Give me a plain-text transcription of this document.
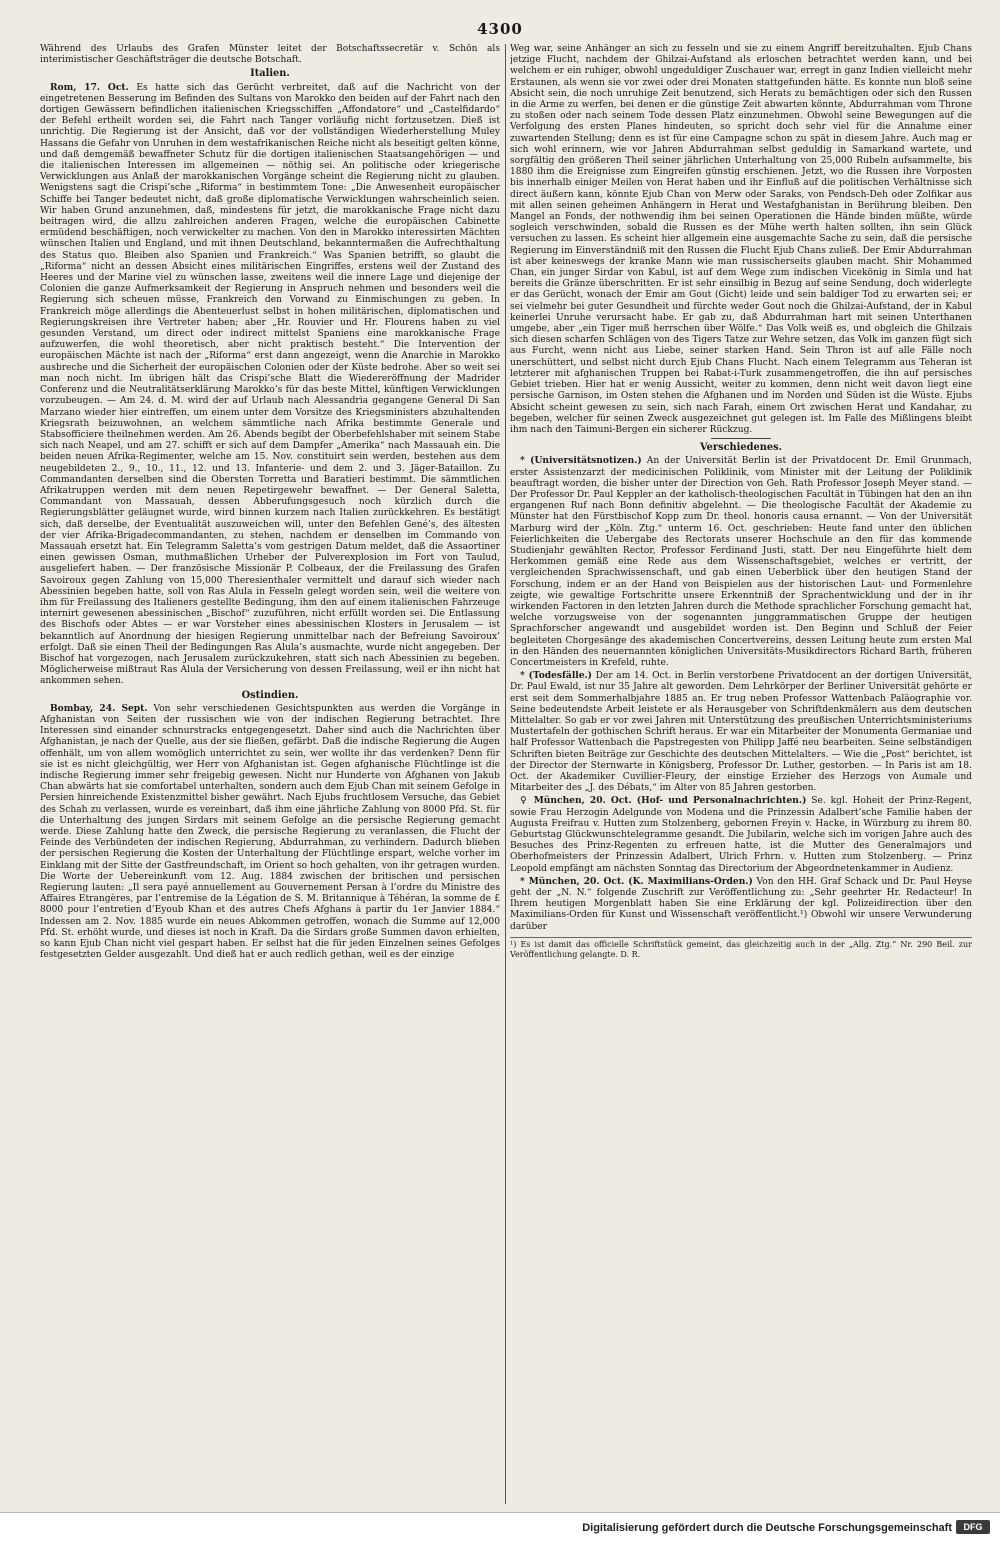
4300

Während des Urlaubs des Grafen Münster leitet der Botschaftssecretär v. Schön als interimistischer Geschäftsträger die deutsche Botschaft.

Italien.

Rom, 17. Oct. Es hatte sich das Gerücht verbreitet, daß auf die Nachricht von der eingetretenen Besserung im Befinden des Sultans von Marokko den beiden auf der Fahrt nach den dortigen Gewässern befindlichen italienischen Kriegsschiffen „Affondatore“ und „Castelfidardo“ der Befehl ertheilt worden sei, die Fahrt nach Tanger vorläufig nicht fortzusetzen. Dieß ist unrichtig. Die Regierung ist der Ansicht, daß vor der vollständigen Wiederherstellung Muley Hassans die Gefahr von Unruhen in dem westafrikanischen Reiche nicht als beseitigt gelten könne, und daß demgemäß bewaffneter Schutz für die dortigen italienischen Staatsangehörigen — und die italienischen Interessen im allgemeinen — nöthig sei. An politische oder kriegerische Verwicklungen aus Anlaß der marokkanischen Vorgänge scheint die Regierung nicht zu glauben. Wenigstens sagt die Crispi’sche „Riforma“ in bestimmtem Tone: „Die Anwesenheit europäischer Schiffe bei Tanger bedeutet nicht, daß große diplomatische Verwicklungen wahrscheinlich seien. Wir haben Grund anzunehmen, daß, mindestens für jetzt, die marokkanische Frage nicht dazu beitragen wird, die allzu zahlreichen anderen Fragen, welche die europäischen Cabinette ermüdend beschäftigen, noch verwickelter zu machen. Von den in Marokko interessirten Mächten wünschen Italien und England, und mit ihnen Deutschland, bekanntermaßen die Aufrechthaltung des Status quo. Bleiben also Spanien und Frankreich.“ Was Spanien betrifft, so glaubt die „Riforma“ nicht an dessen Absicht eines militärischen Eingriffes, erstens weil der Zustand des Heeres und der Marine viel zu wünschen lasse, zweitens weil die innere Lage und diejenige der Colonien die ganze Aufmerksamkeit der Regierung in Anspruch nehmen und besonders weil die Regierung sich scheuen müsse, Frankreich den Vorwand zu Einmischungen zu geben. In Frankreich möge allerdings die Abenteuerlust selbst in hohen militärischen, diplomatischen und Regierungskreisen ihre Vertreter haben; aber „Hr. Rouvier und Hr. Flourens haben zu viel gesunden Verstand, um direct oder indirect mittelst Spaniens eine marokkanische Frage aufzuwerfen, die wohl theoretisch, aber nicht praktisch besteht.“ Die Intervention der europäischen Mächte ist nach der „Riforma“ erst dann angezeigt, wenn die Anarchie in Marokko ausbreche und die Sicherheit der europäischen Colonien oder der Küste bedrohe. Aber so weit sei man noch nicht. Im übrigen hält das Crispi’sche Blatt die Wiedereröffnung der Madrider Conferenz und die Neutralitätserklärung Marokko’s für das beste Mittel, künftigen Verwicklungen vorzubeugen. — Am 24. d. M. wird der auf Urlaub nach Alessandria gegangene General Di San Marzano wieder hier eintreffen, um einem unter dem Vorsitze des Kriegsministers abzuhaltenden Kriegsrath beizuwohnen, an welchem sämmtliche nach Afrika bestimmte Generale und Stabsofficiere theilnehmen werden. Am 26. Abends begibt der Oberbefehlshaber mit seinem Stabe sich nach Neapel, und am 27. schifft er sich auf dem Dampfer „Amerika“ nach Massauah ein. Die beiden neuen Afrika-Regimenter, welche am 15. Nov. constituirt sein werden, bestehen aus dem neugebildeten 2., 9., 10., 11., 12. und 13. Infanterie- und dem 2. und 3. Jäger-Bataillon. Zu Commandanten derselben sind die Obersten Torretta und Baratieri bestimmt. Die sämmtlichen Afrikatruppen werden mit dem neuen Repetirgewehr bewaffnet. — Der General Saletta, Commandant von Massauah, dessen Abberufungsgesuch noch kürzlich durch die Regierungsblätter geläugnet wurde, wird binnen kurzem nach Italien zurückkehren. Es bestätigt sich, daß derselbe, der Eventualität auszuweichen will, unter den Befehlen Gené’s, des ältesten der vier Afrika-Brigadecommandanten, zu stehen, nachdem er denselben im Commando von Massauah ersetzt hat. Ein Telegramm Saletta’s vom gestrigen Datum meldet, daß die Assaortiner einen gewissen Osman, muthmaßlichen Urheber der Pulverexplosion im Fort von Taulud, ausgeliefert haben. — Der französische Missionär P. Colbeaux, der die Freilassung des Grafen Savoiroux gegen Zahlung von 15,000 Theresienthaler vermittelt und darauf sich wieder nach Abessinien begeben hatte, soll von Ras Alula in Fesseln gelegt worden sein, weil die weitere von ihm für Freilassung des Italieners gestellte Bedingung, ihm den auf einem italienischen Fahrzeuge internirt gewesenen abessinischen „Bischof“ zuzuführen, nicht erfüllt worden sei. Die Entlassung des Bischofs oder Abtes — er war Vorsteher eines abessinischen Klosters in Jerusalem — ist bekanntlich auf Anordnung der hiesigen Regierung unmittelbar nach der Befreiung Savoiroux’ erfolgt. Daß sie einen Theil der Bedingungen Ras Alula’s ausmachte, wurde nicht angegeben. Der Bischof hat vorgezogen, nach Jerusalem zurückzukehren, statt sich nach Abessinien zu begeben. Möglicherweise mißtraut Ras Alula der Versicherung von dessen Freilassung, weil er ihn nicht hat ankommen sehen.

Ostindien.

Bombay, 24. Sept. Von sehr verschiedenen Gesichtspunkten aus werden die Vorgänge in Afghanistan von Seiten der russischen wie von der indischen Regierung betrachtet. Ihre Interessen sind einander schnurstracks entgegengesetzt. Daher sind auch die Nachrichten über Afghanistan, je nach der Quelle, aus der sie fließen, gefärbt. Daß die indische Regierung die Augen offenhält, um von allem womöglich unterrichtet zu sein, wer wollte ihr das verdenken? Denn für sie ist es nicht gleichgültig, wer Herr von Afghanistan ist. Gegen afghanische Flüchtlinge ist die indische Regierung immer sehr freigebig gewesen. Nicht nur Hunderte von Afghanen von Jakub Chan abwärts hat sie comfortabel unterhalten, sondern auch dem Ejub Chan mit seinem Gefolge in Persien hinreichende Existenzmittel bisher gewährt. Nach Ejubs fruchtlosem Versuche, das Gebiet des Schah zu verlassen, wurde es vereinbart, daß ihm eine jährliche Zahlung von 8000 Pfd. St. für die Unterhaltung des jungen Sirdars mit seinem Gefolge an die persische Regierung gemacht werde. Diese Zahlung hatte den Zweck, die persische Regierung zu veranlassen, die Flucht der Feinde des Verbündeten der indischen Regierung, Abdurrahman, zu verhindern. Dadurch blieben der persischen Regierung die Kosten der Unterhaltung der Flüchtlinge erspart, welche vorher im Einklang mit der Sitte der Gastfreundschaft, im Orient so hoch gehalten, von ihr getragen wurden. Die Worte der Uebereinkunft vom 12. Aug. 1884 zwischen der britischen und persischen Regierung lauten: „Il sera payé annuellement au Gouvernement Persan à l’ordre du Ministre des Affaires Etrangères, par l’entremise de la Légation de S. M. Britannique à Téhéran, la somme de £ 8000 pour l’entretien d’Eyoub Khan et des autres Chefs Afghans à partir du 1er Janvier 1884.“ Indessen am 2. Nov. 1885 wurde ein neues Abkommen getroffen, wonach die Summe auf 12,000 Pfd. St. erhöht wurde, und dieses ist noch in Kraft. Da die Sirdars große Summen davon erhielten, so kann Ejub Chan nicht viel gespart haben. Er selbst hat die für jeden Einzelnen seines Gefolges festgesetzten Gelder ausgezahlt. Und dieß hat er auch redlich gethan, weil es der einzige

Weg war, seine Anhänger an sich zu fesseln und sie zu einem Angriff bereitzuhalten. Ejub Chans jetzige Flucht, nachdem der Ghilzai-Aufstand als erloschen betrachtet werden kann, und bei welchem er ein ruhiger, obwohl ungeduldiger Zuschauer war, erregt in ganz Indien vielleicht mehr Erstaunen, als wenn sie vor zwei oder drei Monaten stattgefunden hätte. Es konnte nun bloß seine Absicht sein, die noch unruhige Zeit benutzend, sich Herats zu bemächtigen oder sich den Russen in die Arme zu werfen, bei denen er die günstige Zeit abwarten könnte, Abdurrahman vom Throne zu stoßen oder nach seinem Tode dessen Platz einzunehmen. Obwohl seine Bewegungen auf die Verfolgung des ersten Planes hindeuten, so spricht doch sehr viel für die Annahme einer zuwartenden Stellung; denn es ist für eine Campagne schon zu spät in diesem Jahre. Auch mag er sich wohl erinnern, wie vor Jahren Abdurrahman selbst geduldig in Samarkand wartete, und sorgfältig den größeren Theil seiner jährlichen Unterhaltung von 25,000 Rubeln aufsammelte, bis 1880 ihm die Ereignisse zum Eingreifen günstig erschienen. Jetzt, wo die Russen ihre Vorposten bis innerhalb einiger Meilen von Herat haben und ihr Einfluß auf die politischen Verhältnisse sich direct äußern kann, könnte Ejub Chan von Merw oder Saraks, von Pendsch-Deh oder Zolfikar aus mit allen seinen geheimen Anhängern in Herat und Westafghanistan in Berührung bleiben. Den Mangel an Fonds, der nothwendig ihm bei seinen Operationen die Hände binden müßte, würde sogleich verschwinden, sobald die Russen es der Mühe werth halten sollten, ihn sein Glück versuchen zu lassen. Es scheint hier allgemein eine ausgemachte Sache zu sein, daß die persische Regierung im Einverständniß mit den Russen die Flucht Ejub Chans zuließ. Der Emir Abdurrahman ist aber keineswegs der kranke Mann wie man russischerseits glauben macht. Shir Mohammed Chan, ein junger Sirdar von Kabul, ist auf dem Wege zum indischen Vicekönig in Simla und hat bereits die Gränze überschritten. Er ist sehr einsilbig in Bezug auf seine Sendung, doch widerlegte er das Gerücht, wonach der Emir am Gout (Gicht) leide und sein baldiger Tod zu erwarten sei; er sei vielmehr bei guter Gesundheit und fürchte weder Gout noch die Ghilzai-Aufstand, der in Kabul keinerlei Unruhe verursacht habe. Er gab zu, daß Abdurrahman hart mit seinen Unterthanen umgebe, aber „ein Tiger muß herrschen über Wölfe.“ Das Volk weiß es, und obgleich die Ghilzais sich diesen scharfen Schlägen von des Tigers Tatze zur Wehre setzen, das Volk im ganzen fügt sich aus Furcht, wenn nicht aus Liebe, seiner starken Hand. Sein Thron ist auf alle Fälle noch unerschüttert, und selbst nicht durch Ejub Chans Flucht. Nach einem Telegramm aus Teheran ist letzterer mit afghanischen Truppen bei Rabat-i-Turk zusammengetroffen, die ihn auf persisches Gebiet trieben. Hier hat er wenig Aussicht, weiter zu kommen, denn nicht weit davon liegt eine persische Garnison, im Osten stehen die Afghanen und im Norden und Süden ist die Wüste. Ejubs Absicht scheint gewesen zu sein, sich nach Farah, einem Ort zwischen Herat und Kandahar, zu begeben, welcher für seinen Zweck ausgezeichnet gut gelegen ist. Im Falle des Mißlingens bleibt ihm nach den Taimuni-Bergen ein sicherer Rückzug.

Verschiedenes.

* (Universitätsnotizen.) An der Universität Berlin ist der Privatdocent Dr. Emil Grunmach, erster Assistenzarzt der medicinischen Poliklinik, vom Minister mit der Leitung der Poliklinik beauftragt worden, die bisher unter der Direction von Geh. Rath Professor Joseph Meyer stand. — Der Professor Dr. Paul Keppler an der katholisch-theologischen Facultät in Tübingen hat den an ihn ergangenen Ruf nach Bonn definitiv abgelehnt. — Die theologische Facultät der Akademie zu Münster hat den Fürstbischof Kopp zum Dr. theol. honoris causa ernannt. — Von der Universität Marburg wird der „Köln. Ztg.“ unterm 16. Oct. geschrieben: Heute fand unter den üblichen Feierlichkeiten die Uebergabe des Rectorats unserer Hochschule an den für das kommende Studienjahr gewählten Rector, Professor Ferdinand Justi, statt. Der neu Eingeführte hielt dem Herkommen gemäß eine Rede aus dem Wissenschaftsgebiet, welches er vertritt, der vergleichenden Sprachwissenschaft, und gab einen Ueberblick über den heutigen Stand der Forschung, indem er an der Hand von Beispielen aus der historischen Laut- und Formenlehre zeigte, wie gewaltige Fortschritte unsere Erkenntniß der Sprachentwicklung und der in ihr wirkenden Factoren in den letzten Jahren durch die Methode sprachlicher Forschung gemacht hat, welche vorzugsweise von der sogenannten junggrammatischen Gruppe der heutigen Sprachforscher angewandt und ausgebildet worden ist. Den Beginn und Schluß der Feier begleiteten Chorgesänge des akademischen Concertvereins, dessen Leitung heute zum ersten Mal in den Händen des neuernannten königlichen Universitäts-Musikdirectors Richard Barth, früheren Concertmeisters in Krefeld, ruhte.

* (Todesfälle.) Der am 14. Oct. in Berlin verstorbene Privatdocent an der dortigen Universität, Dr. Paul Ewald, ist nur 35 Jahre alt geworden. Dem Lehrkörper der Berliner Universität gehörte er erst seit dem Sommerhalbjahre 1885 an. Er trug neben Professor Wattenbach Paläographie vor. Seine bedeutendste Arbeit leistete er als Herausgeber von Schriftdenkmälern aus dem deutschen Mittelalter. So gab er vor zwei Jahren mit Unterstützung des preußischen Unterrichtsministeriums Mustertafeln der gothischen Schrift heraus. Er war ein Mitarbeiter der Monumenta Germaniae und half Professor Wattenbach die Papstregesten von Philipp Jaffé neu bearbeiten. Seine selbständigen Schriften bieten Beiträge zur Geschichte des deutschen Mittelalters. — Wie die „Post“ berichtet, ist der Director der Sternwarte in Königsberg, Professor Dr. Luther, gestorben. — In Paris ist am 18. Oct. der Akademiker Cuvillier-Fleury, der einstige Erzieher des Herzogs von Aumale und Mitarbeiter des „J. des Débats,“ im Alter von 85 Jahren gestorben.

♀ München, 20. Oct. (Hof- und Personalnachrichten.) Se. kgl. Hoheit der Prinz-Regent, sowie Frau Herzogin Adelgunde von Modena und die Prinzessin Adalbert’sche Familie haben der Augusta Freifrau v. Hutten zum Stolzenberg, gebornen Freyin v. Hacke, in Würzburg zu ihrem 80. Geburtstag Glückwunschtelegramme gesandt. Die Jubilarin, welche sich im vorigen Jahre auch des Besuches des Prinz-Regenten zu erfreuen hatte, ist die Mutter des Generalmajors und Oberhofmeisters der Prinzessin Adalbert, Ulrich Frhrn. v. Hutten zum Stolzenberg. — Prinz Leopold empfängt am nächsten Sonntag das Directorium der Abgeordnetenkammer in Audienz.

* München, 20. Oct. (K. Maximilians-Orden.) Von den HH. Graf Schack und Dr. Paul Heyse geht der „N. N.“ folgende Zuschrift zur Veröffentlichung zu: „Sehr geehrter Hr. Redacteur! In Ihrem heutigen Morgenblatt haben Sie eine Erklärung der kgl. Polizeidirection über den Maximilians-Orden für Kunst und Wissenschaft veröffentlicht.¹) Obwohl wir unsere Verwunderung darüber

¹) Es ist damit das officielle Schriftstück gemeint, das gleichzeitig auch in der „Allg. Ztg.“ Nr. 290 Beil. zur Veröffentlichung gelangte. D. R.
Digitalisierung gefördert durch die Deutsche Forschungsgemeinschaft	DFG
